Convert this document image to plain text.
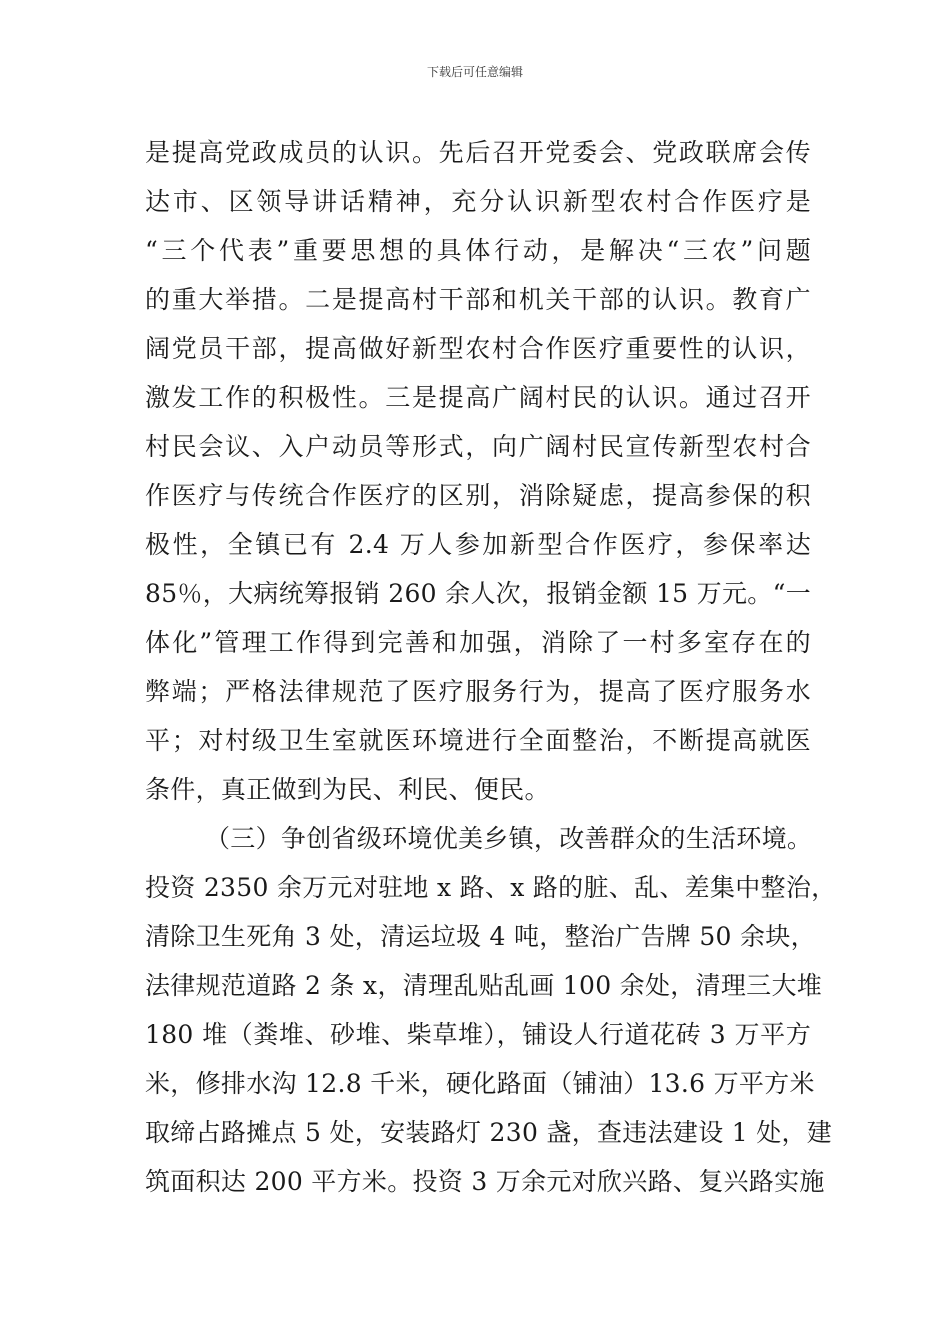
下载后可任意编辑
是提高党政成员的认识。先后召开党委会、党政联席会传
达市、区领导讲话精神，充分认识新型农村合作医疗是
“三个代表”重要思想的具体行动，是解决“三农”问题
的重大举措。二是提高村干部和机关干部的认识。教育广
阔党员干部，提高做好新型农村合作医疗重要性的认识，
激发工作的积极性。三是提高广阔村民的认识。通过召开
村民会议、入户动员等形式，向广阔村民宣传新型农村合
作医疗与传统合作医疗的区别，消除疑虑，提高参保的积
极性，全镇已有 2.4 万人参加新型合作医疗，参保率达
85％，大病统筹报销 260 余人次，报销金额 15 万元。“一
体化”管理工作得到完善和加强，消除了一村多室存在的
弊端；严格法律规范了医疗服务行为，提高了医疗服务水
平；对村级卫生室就医环境进行全面整治，不断提高就医
条件，真正做到为民、利民、便民。
（三）争创省级环境优美乡镇，改善群众的生活环境。
投资 2350 余万元对驻地 x 路、x 路的脏、乱、差集中整治，
清除卫生死角 3 处，清运垃圾 4 吨，整治广告牌 50 余块，
法律规范道路 2 条 x，清理乱贴乱画 100 余处，清理三大堆
180 堆（粪堆、砂堆、柴草堆），铺设人行道花砖 3 万平方
米，修排水沟 12.8 千米，硬化路面（铺油）13.6 万平方米
取缔占路摊点 5 处，安装路灯 230 盏，查违法建设 1 处，建
筑面积达 200 平方米。投资 3 万余元对欣兴路、复兴路实施
